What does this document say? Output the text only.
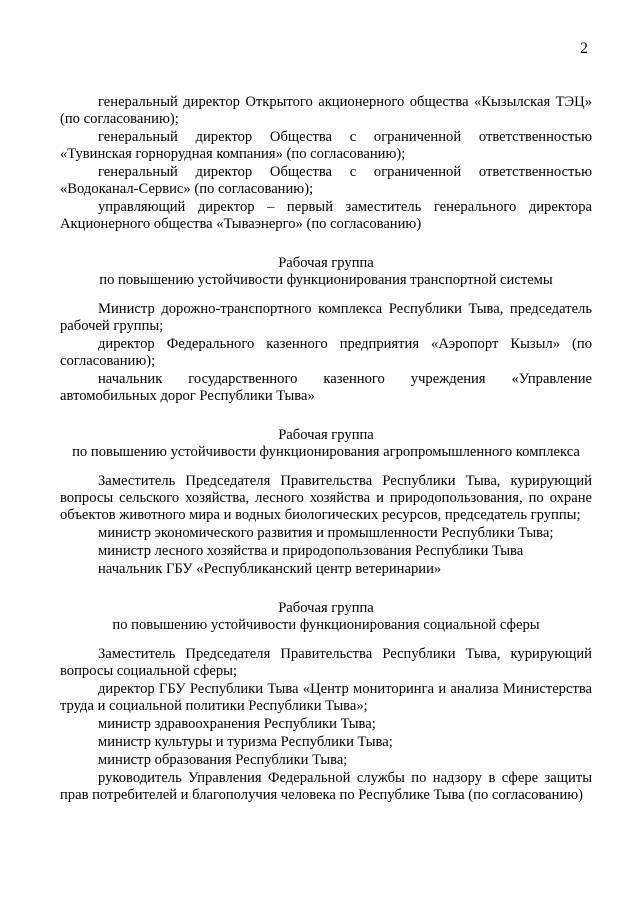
2

генеральный директор Открытого акционерного общества «Кызылская ТЭЦ» (по согласованию);

генеральный директор Общества с ограниченной ответственностью «Тувинская горнорудная компания» (по согласованию);

генеральный директор Общества с ограниченной ответственностью «Водоканал-Сервис» (по согласованию);

управляющий директор – первый заместитель генерального директора Акционерного общества «Тываэнерго» (по согласованию)

Рабочая группа

по повышению устойчивости функционирования транспортной системы

Министр дорожно-транспортного комплекса Республики Тыва, председатель рабочей группы;

директор Федерального казенного предприятия «Аэропорт Кызыл» (по согласованию);

начальник государственного казенного учреждения «Управление автомобильных дорог Республики Тыва»

Рабочая группа

по повышению устойчивости функционирования агропромышленного комплекса

Заместитель Председателя Правительства Республики Тыва, курирующий вопросы сельского хозяйства, лесного хозяйства и природопользования, по охране объектов животного мира и водных биологических ресурсов, председатель группы;

министр экономического развития и промышленности Республики Тыва;

министр лесного хозяйства и природопользования Республики Тыва

начальник ГБУ «Республиканский центр ветеринарии»

Рабочая группа

по повышению устойчивости функционирования социальной сферы

Заместитель Председателя Правительства Республики Тыва, курирующий вопросы социальной сферы;

директор ГБУ Республики Тыва «Центр мониторинга и анализа Министерства труда и социальной политики Республики Тыва»;

министр здравоохранения Республики Тыва;

министр культуры и туризма Республики Тыва;

министр образования Республики Тыва;

руководитель Управления Федеральной службы по надзору в сфере защиты прав потребителей и благополучия человека по Республике Тыва (по согласованию)
